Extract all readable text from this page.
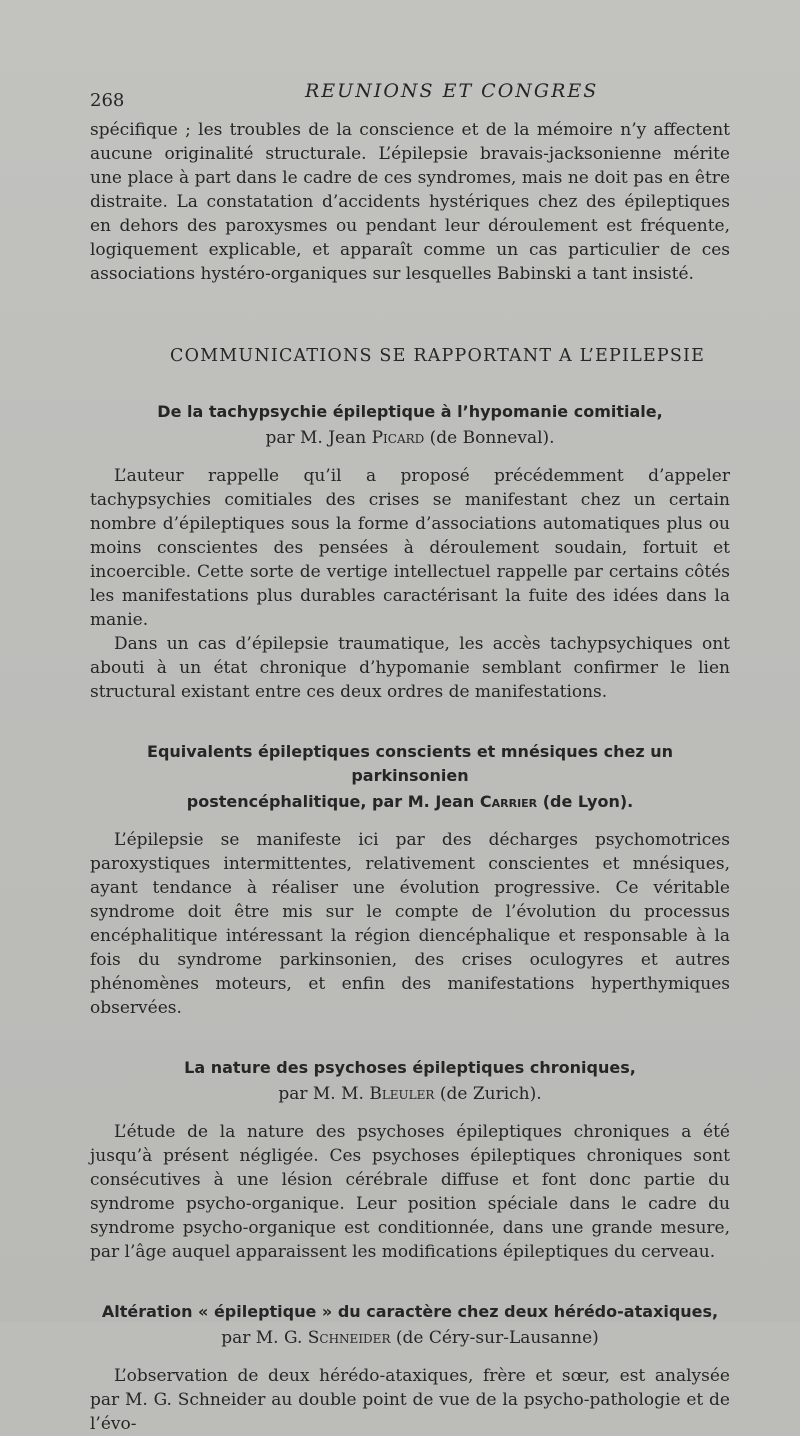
268	REUNIONS ET CONGRES

spécifique ; les troubles de la conscience et de la mémoire n’y affectent aucune originalité structurale. L’épilepsie bravais-jacksonienne mérite une place à part dans le cadre de ces syndromes, mais ne doit pas en être distraite. La constatation d’accidents hystériques chez des épileptiques en dehors des paroxysmes ou pendant leur déroulement est fréquente, logiquement explicable, et apparaît comme un cas particulier de ces associations hystéro-organiques sur lesquelles Babinski a tant insisté.

COMMUNICATIONS SE RAPPORTANT A L’EPILEPSIE
De la tachypsychie épileptique à l’hypomanie comitiale,
par M. Jean Picard (de Bonneval).

L’auteur rappelle qu’il a proposé précédemment d’appeler tachypsychies comitiales des crises se manifestant chez un certain nombre d’épileptiques sous la forme d’associations automatiques plus ou moins conscientes des pensées à déroulement soudain, fortuit et incoercible. Cette sorte de vertige intellectuel rappelle par certains côtés les manifestations plus durables caractérisant la fuite des idées dans la manie.

Dans un cas d’épilepsie traumatique, les accès tachypsychiques ont abouti à un état chronique d’hypomanie semblant confirmer le lien structural existant entre ces deux ordres de manifestations.

Equivalents épileptiques conscients et mnésiques chez un parkinsonien
postencéphalitique, par M. Jean Carrier (de Lyon).

L’épilepsie se manifeste ici par des décharges psychomotrices paroxystiques intermittentes, relativement conscientes et mnésiques, ayant tendance à réaliser une évolution progressive. Ce véritable syndrome doit être mis sur le compte de l’évolution du processus encéphalitique intéressant la région diencéphalique et responsable à la fois du syndrome parkinsonien, des crises oculogyres et autres phénomènes moteurs, et enfin des manifestations hyperthymiques observées.

La nature des psychoses épileptiques chroniques,
par M. M. Bleuler (de Zurich).

L’étude de la nature des psychoses épileptiques chroniques a été jusqu’à présent négligée. Ces psychoses épileptiques chroniques sont consécutives à une lésion cérébrale diffuse et font donc partie du syndrome psycho-organique. Leur position spéciale dans le cadre du syndrome psycho-organique est conditionnée, dans une grande mesure, par l’âge auquel apparaissent les modifications épileptiques du cerveau.

Altération « épileptique » du caractère chez deux hérédo-ataxiques,
par M. G. Schneider (de Céry-sur-Lausanne)

L’observation de deux hérédo-ataxiques, frère et sœur, est analysée par M. G. Schneider au double point de vue de la psycho-pathologie et de l’évo-
